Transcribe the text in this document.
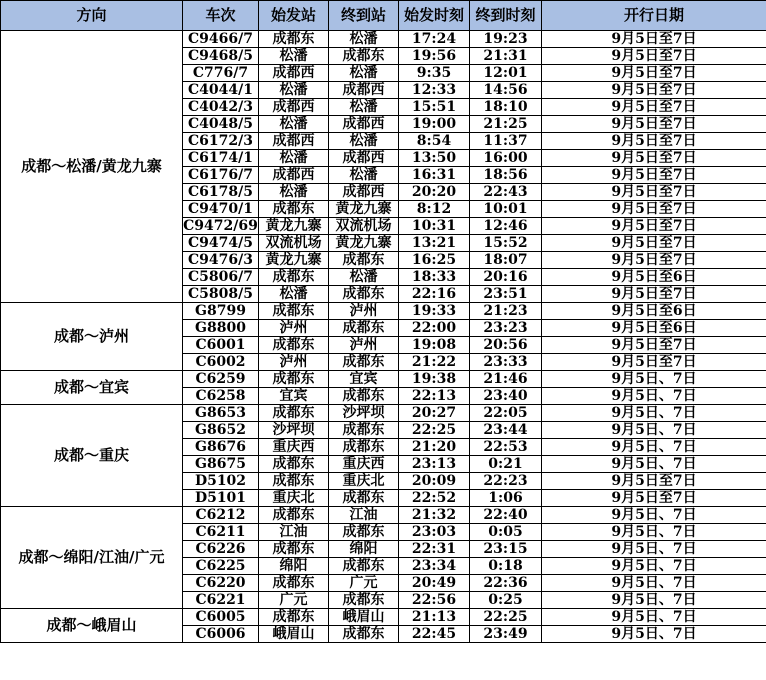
方向	车次	始发站	终到站	始发时刻	终到时刻	开行日期
成都～松潘/黄龙九寨	C9466/7	成都东	松潘	17:24	19:23	9月5日至7日
	C9468/5	松潘	成都东	19:56	21:31	9月5日至7日
	C776/7	成都西	松潘	9:35	12:01	9月5日至7日
	C4044/1	松潘	成都西	12:33	14:56	9月5日至7日
	C4042/3	成都西	松潘	15:51	18:10	9月5日至7日
	C4048/5	松潘	成都西	19:00	21:25	9月5日至7日
	C6172/3	成都西	松潘	8:54	11:37	9月5日至7日
	C6174/1	松潘	成都西	13:50	16:00	9月5日至7日
	C6176/7	成都西	松潘	16:31	18:56	9月5日至7日
	C6178/5	松潘	成都西	20:20	22:43	9月5日至7日
	C9470/1	成都东	黄龙九寨	8:12	10:01	9月5日至7日
	C9472/69	黄龙九寨	双流机场	10:31	12:46	9月5日至7日
	C9474/5	双流机场	黄龙九寨	13:21	15:52	9月5日至7日
	C9476/3	黄龙九寨	成都东	16:25	18:07	9月5日至7日
	C5806/7	成都东	松潘	18:33	20:16	9月5日至6日
	C5808/5	松潘	成都东	22:16	23:51	9月5日至7日
成都～泸州	G8799	成都东	泸州	19:33	21:23	9月5日至6日
	G8800	泸州	成都东	22:00	23:23	9月5日至6日
	C6001	成都东	泸州	19:08	20:56	9月5日至7日
	C6002	泸州	成都东	21:22	23:33	9月5日至7日
成都～宜宾	C6259	成都东	宜宾	19:38	21:46	9月5日、7日
	C6258	宜宾	成都东	22:13	23:40	9月5日、7日
成都～重庆	G8653	成都东	沙坪坝	20:27	22:05	9月5日、7日
	G8652	沙坪坝	成都东	22:25	23:44	9月5日、7日
	G8676	重庆西	成都东	21:20	22:53	9月5日、7日
	G8675	成都东	重庆西	23:13	0:21	9月5日、7日
	D5102	成都东	重庆北	20:09	22:23	9月5日至7日
	D5101	重庆北	成都东	22:52	1:06	9月5日至7日
成都～绵阳/江油/广元	C6212	成都东	江油	21:32	22:40	9月5日、7日
	C6211	江油	成都东	23:03	0:05	9月5日、7日
	C6226	成都东	绵阳	22:31	23:15	9月5日、7日
	C6225	绵阳	成都东	23:34	0:18	9月5日、7日
	C6220	成都东	广元	20:49	22:36	9月5日、7日
	C6221	广元	成都东	22:56	0:25	9月5日、7日
成都～峨眉山	C6005	成都东	峨眉山	21:13	22:25	9月5日、7日
	C6006	峨眉山	成都东	22:45	23:49	9月5日、7日
